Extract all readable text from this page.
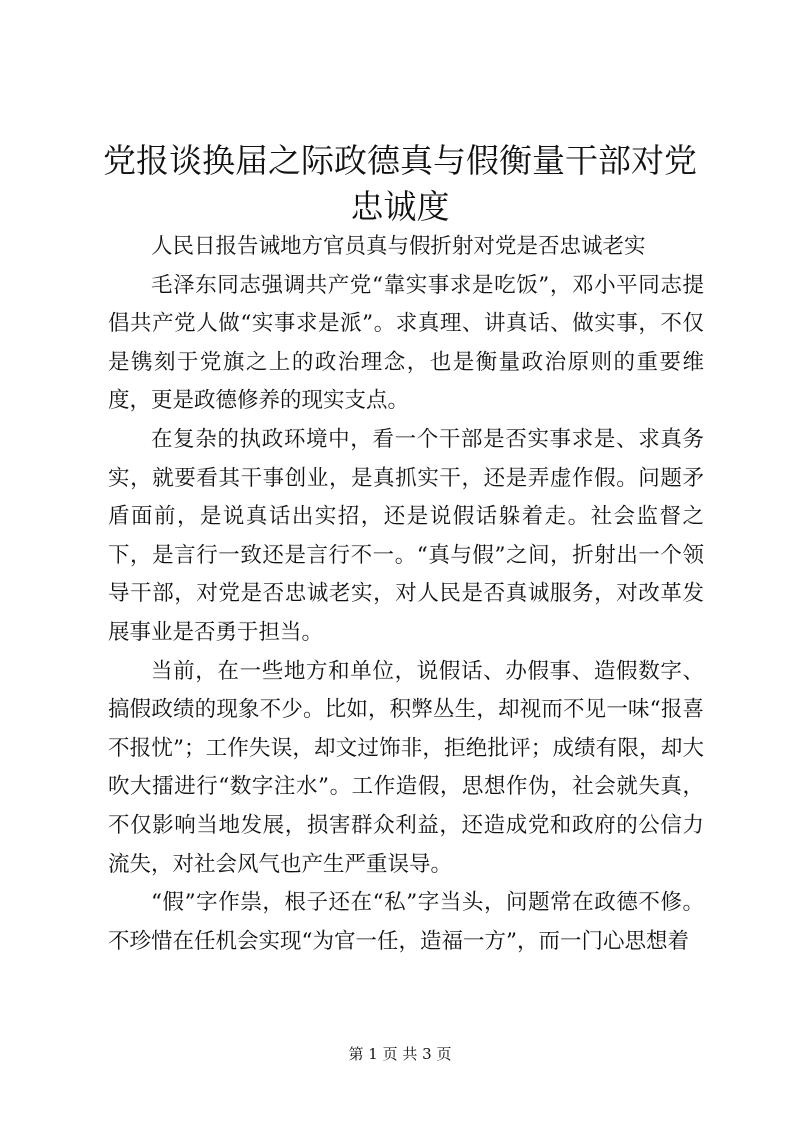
党报谈换届之际政德真与假衡量干部对党忠诚度

人民日报告诫地方官员真与假折射对党是否忠诚老实

毛泽东同志强调共产党“靠实事求是吃饭”，邓小平同志提倡共产党人做“实事求是派”。求真理、讲真话、做实事，不仅是镌刻于党旗之上的政治理念，也是衡量政治原则的重要维度，更是政德修养的现实支点。

在复杂的执政环境中，看一个干部是否实事求是、求真务实，就要看其干事创业，是真抓实干，还是弄虚作假。问题矛盾面前，是说真话出实招，还是说假话躲着走。社会监督之下，是言行一致还是言行不一。“真与假”之间，折射出一个领导干部，对党是否忠诚老实，对人民是否真诚服务，对改革发展事业是否勇于担当。

当前，在一些地方和单位，说假话、办假事、造假数字、搞假政绩的现象不少。比如，积弊丛生，却视而不见一味“报喜不报忧”；工作失误，却文过饰非，拒绝批评；成绩有限，却大吹大擂进行“数字注水”。工作造假，思想作伪，社会就失真，不仅影响当地发展，损害群众利益，还造成党和政府的公信力流失，对社会风气也产生严重误导。

“假”字作祟，根子还在“私”字当头，问题常在政德不修。不珍惜在任机会实现“为官一任，造福一方”，而一门心思想着

第 1 页 共 3 页
